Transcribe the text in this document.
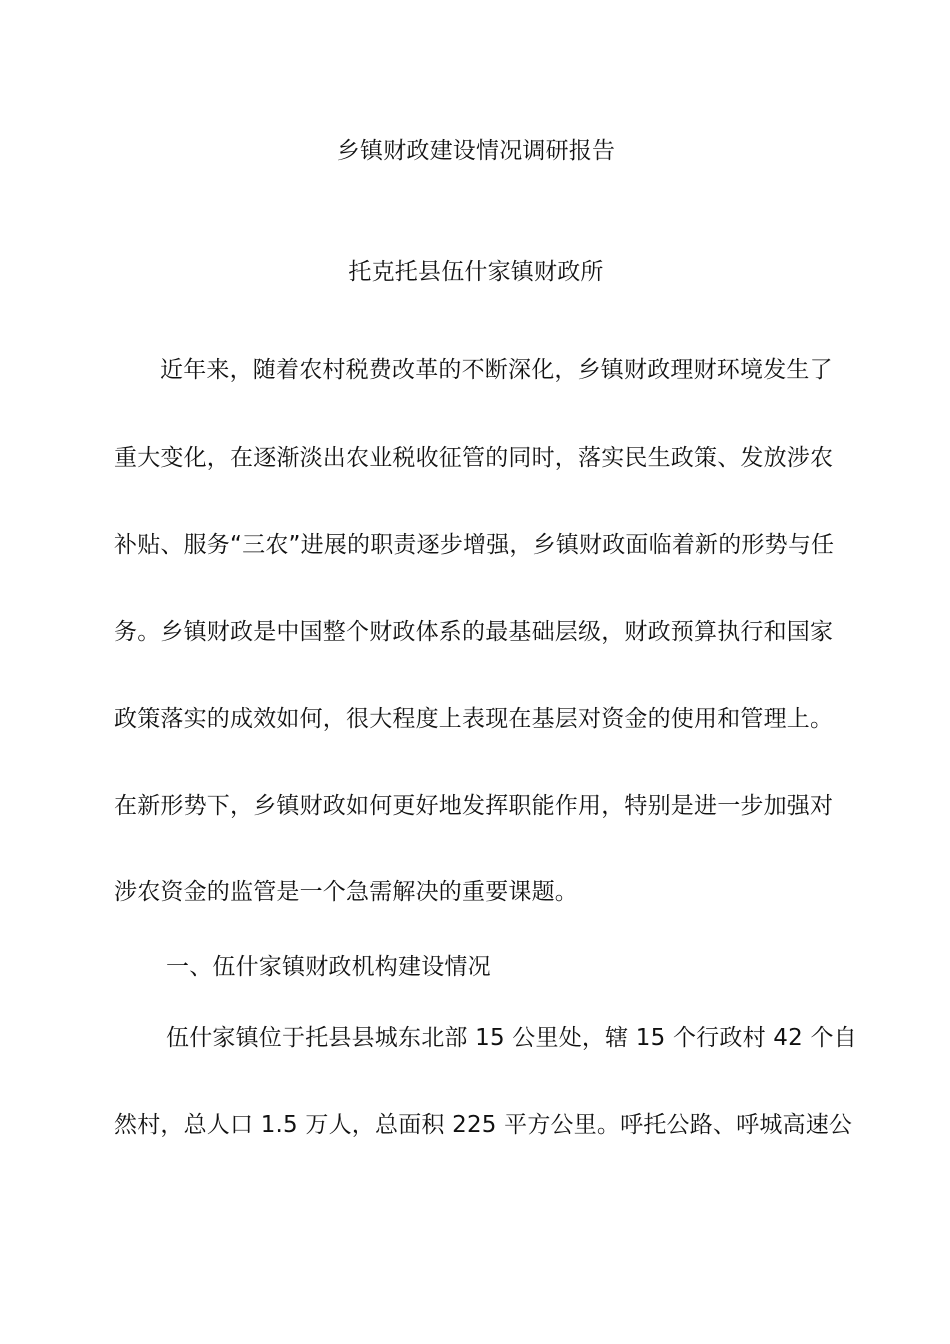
乡镇财政建设情况调研报告
托克托县伍什家镇财政所
近年来，随着农村税费改革的不断深化，乡镇财政理财环境发生了
重大变化，在逐渐淡出农业税收征管的同时，落实民生政策、发放涉农
补贴、服务“三农”进展的职责逐步增强，乡镇财政面临着新的形势与任
务。乡镇财政是中国整个财政体系的最基础层级，财政预算执行和国家
政策落实的成效如何，很大程度上表现在基层对资金的使用和管理上。
在新形势下，乡镇财政如何更好地发挥职能作用，特别是进一步加强对
涉农资金的监管是一个急需解决的重要课题。
一、伍什家镇财政机构建设情况
伍什家镇位于托县县城东北部 15 公里处，辖 15 个行政村 42 个自
然村，总人口 1.5 万人，总面积 225 平方公里。呼托公路、呼城高速公
